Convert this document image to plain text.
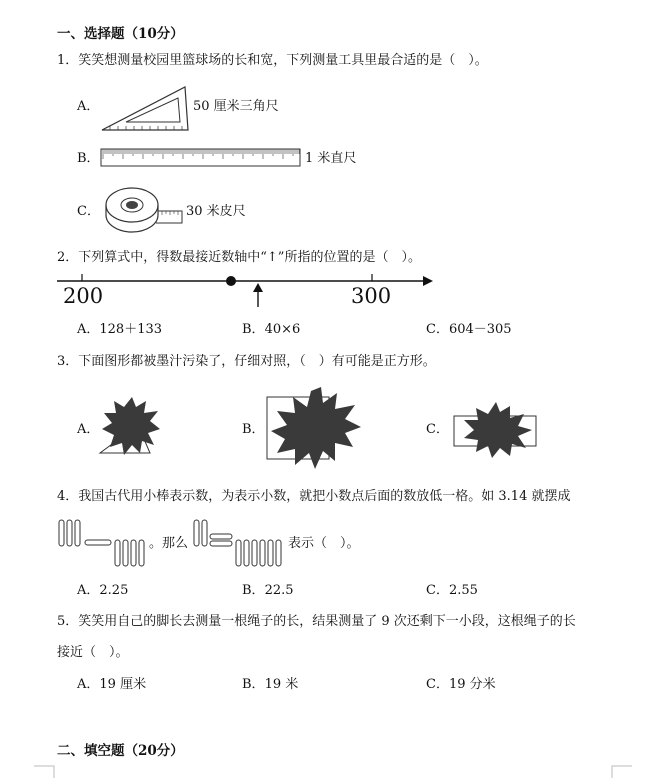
一、选择题（10分）
1．笑笑想测量校园里篮球场的长和宽，下列测量工具里最合适的是（　）。
A．	50 厘米三角尺
B．	1 米直尺
C．	30 米皮尺
2．下列算式中，得数最接近数轴中“↑”所指的位置的是（　）。
200	300
A．128＋133	B．40×6	C．604－305
3．下面图形都被墨汁污染了，仔细对照，（　）有可能是正方形。
A．	B．	C．
4．我国古代用小棒表示数，为表示小数，就把小数点后面的数放低一格。如 3.14 就摆成
。那么	表示（　）。
A．2.25	B．22.5	C．2.55
5．笑笑用自己的脚长去测量一根绳子的长，结果测量了 9 次还剩下一小段，这根绳子的长
接近（　）。
A．19 厘米	B．19 米	C．19 分米
二、填空题（20分）
